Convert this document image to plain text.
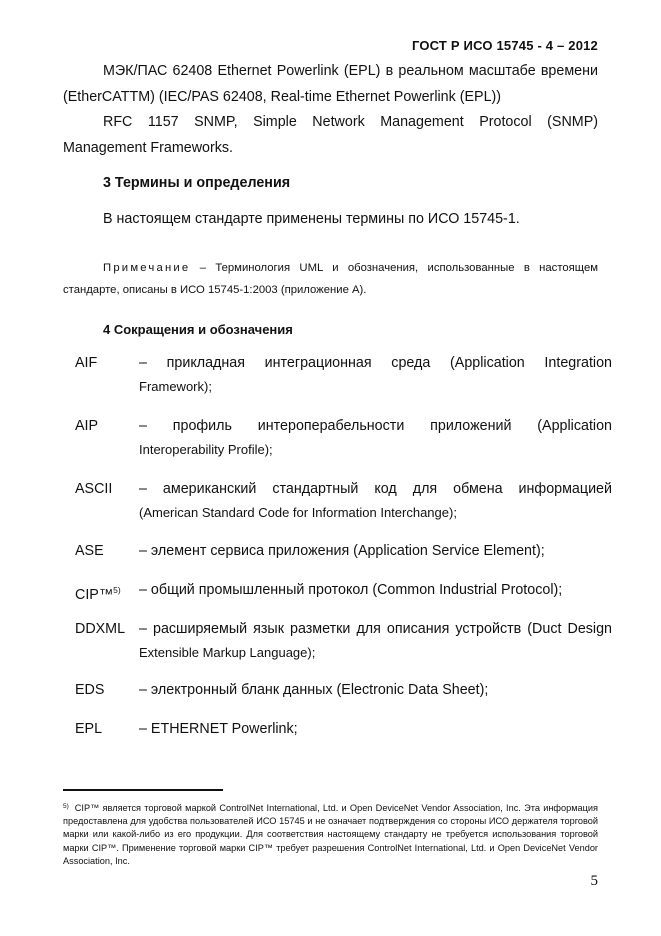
ГОСТ Р ИСО 15745 - 4 – 2012
МЭК/ПАС 62408 Ethernet Powerlink (EPL) в реальном масштабе времени
(EtherCATТМ) (IEC/PAS 62408, Real-time Ethernet Powerlink (EPL))
RFC 1157 SNMP, Simple Network Management Protocol (SNMP)
Management Frameworks.
3 Термины и определения
В настоящем стандарте применены термины по ИСО 15745-1.
Примечание – Терминология UML и обозначения, использованные в настоящем
стандарте, описаны в ИСО 15745-1:2003 (приложение А).
4 Сокращения и обозначения
AIF	– прикладная интеграционная среда (Application Integration
Framework);
AIP	– профиль интероперабельности приложений (Application
Interoperability Profile);
ASCII – американский стандартный код для обмена информацией
(American Standard Code for Information Interchange);
ASE – элемент сервиса приложения (Application Service Element);
CIP™$^{5)}$ – общий промышленный протокол (Common Industrial Protocol);
DDXML – расширяемый язык разметки для описания устройств (Duct Design
Extensible Markup Language);
EDS – электронный бланк данных (Electronic Data Sheet);
EPL	– ETHERNET Powerlink;
$^{5)}$ CIP™ является торговой маркой ControlNet International, Ltd. и Open DeviceNet Vendor Association, Inc. Эта информация предоставлена для удобства пользователей ИСО 15745 и не означает подтверждения со стороны ИСО держателя торговой марки или какой-либо из его продукции. Для соответствия настоящему стандарту не требуется использования торговой марки CIP™. Применение торговой марки CIP™ требует разрешения ControlNet International, Ltd. и Open DeviceNet Vendor Association, Inc.
5
